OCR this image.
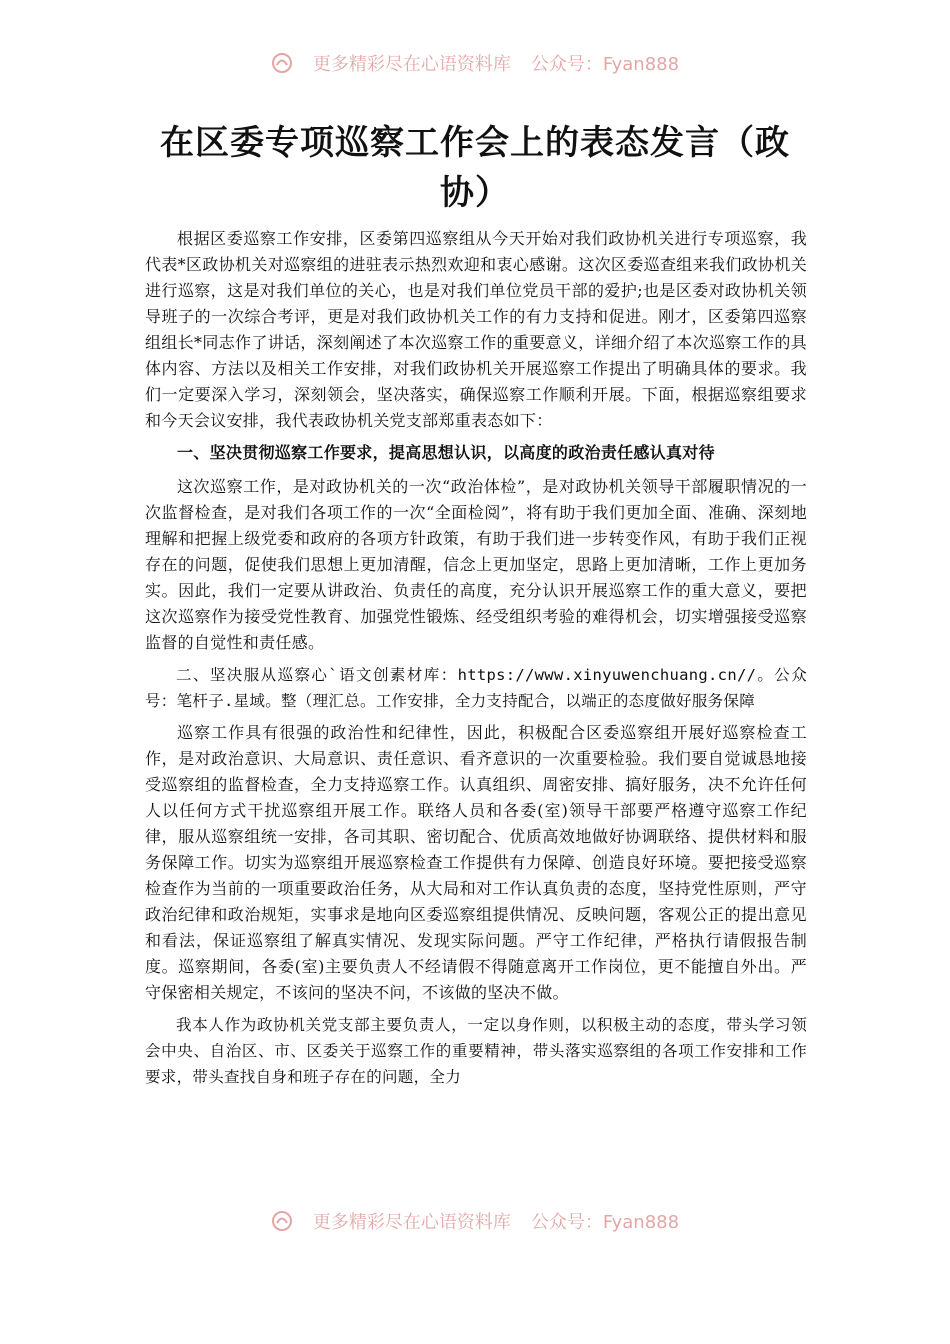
更多精彩尽在心语资料库 公众号：Fyan888
在区委专项巡察工作会上的表态发言（政协）

根据区委巡察工作安排，区委第四巡察组从今天开始对我们政协机关进行专项巡察，我代表*区政协机关对巡察组的进驻表示热烈欢迎和衷心感谢。这次区委巡查组来我们政协机关进行巡察，这是对我们单位的关心，也是对我们单位党员干部的爱护;也是区委对政协机关领导班子的一次综合考评，更是对我们政协机关工作的有力支持和促进。刚才，区委第四巡察组组长*同志作了讲话，深刻阐述了本次巡察工作的重要意义，详细介绍了本次巡察工作的具体内容、方法以及相关工作安排，对我们政协机关开展巡察工作提出了明确具体的要求。我们一定要深入学习，深刻领会，坚决落实，确保巡察工作顺利开展。下面，根据巡察组要求和今天会议安排，我代表政协机关党支部郑重表态如下：

一、坚决贯彻巡察工作要求，提高思想认识，以高度的政治责任感认真对待

这次巡察工作，是对政协机关的一次“政治体检”，是对政协机关领导干部履职情况的一次监督检查，是对我们各项工作的一次“全面检阅”，将有助于我们更加全面、准确、深刻地理解和把握上级党委和政府的各项方针政策，有助于我们进一步转变作风，有助于我们正视存在的问题，促使我们思想上更加清醒，信念上更加坚定，思路上更加清晰，工作上更加务实。因此，我们一定要从讲政治、负责任的高度，充分认识开展巡察工作的重大意义，要把这次巡察作为接受党性教育、加强党性锻炼、经受组织考验的难得机会，切实增强接受巡察监督的自觉性和责任感。

二、坚决服从巡察心`语文创素材库：https://www.xinyuwenchuang.cn//。公众号：笔杆子.星域。整（理汇总。工作安排，全力支持配合，以端正的态度做好服务保障

巡察工作具有很强的政治性和纪律性，因此，积极配合区委巡察组开展好巡察检查工作，是对政治意识、大局意识、责任意识、看齐意识的一次重要检验。我们要自觉诚恳地接受巡察组的监督检查，全力支持巡察工作。认真组织、周密安排、搞好服务，决不允许任何人以任何方式干扰巡察组开展工作。联络人员和各委(室)领导干部要严格遵守巡察工作纪律，服从巡察组统一安排，各司其职、密切配合、优质高效地做好协调联络、提供材料和服务保障工作。切实为巡察组开展巡察检查工作提供有力保障、创造良好环境。要把接受巡察检查作为当前的一项重要政治任务，从大局和对工作认真负责的态度，坚持党性原则，严守政治纪律和政治规矩，实事求是地向区委巡察组提供情况、反映问题，客观公正的提出意见和看法，保证巡察组了解真实情况、发现实际问题。严守工作纪律，严格执行请假报告制度。巡察期间，各委(室)主要负责人不经请假不得随意离开工作岗位，更不能擅自外出。严守保密相关规定，不该问的坚决不问，不该做的坚决不做。

我本人作为政协机关党支部主要负责人，一定以身作则，以积极主动的态度，带头学习领会中央、自治区、市、区委关于巡察工作的重要精神，带头落实巡察组的各项工作安排和工作要求，带头查找自身和班子存在的问题，全力

更多精彩尽在心语资料库 公众号：Fyan888
